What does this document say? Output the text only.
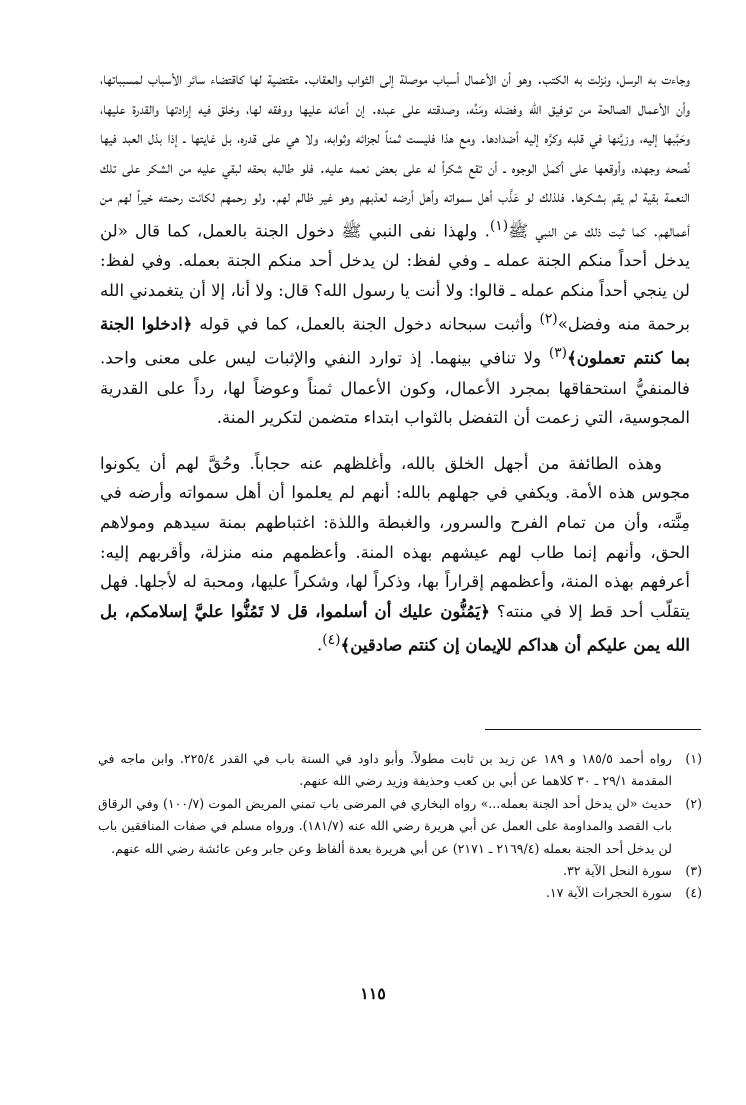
وجاءت به الرسل، ونزلت به الكتب. وهو أن الأعمال أسباب موصلة إلى الثواب والعقاب. مقتضية لها كاقتضاء سائر الأسباب لمسبباتها، وأن الأعمال الصالحة من توفيق الله وفضله ومَنِّه، وصدقته على عبده. إن أعانه عليها ووفقه لها، وخلق فيه إرادتها والقدرة عليها، وحَبَّبها إليه، وزيَّنها في قلبه وكرَّه إليه أضدادها. ومع هذا فليست ثمناً لجزائه وثوابه، ولا هي على قدره، بل غايتها ـ إذا بذل العبد فيها نُصحه وجهده، وأوقعها على أكمل الوجوه ـ أن تقع شكراً له على بعض نعمه عليه. فلو طالبه بحقه لبقي عليه من الشكر على تلك النعمة بقية لم يقم بشكرها. فلذلك لو عَذَّب أهل سمواته وأهل أرضه لعذبهم وهو غير ظالم لهم. ولو رحمهم لكانت رحمته خيراً لهم من أعمالهم. كما ثبت ذلك عن النبي ﷺ$^{(١)}$. ولهذا نفى النبي ﷺ دخول الجنة بالعمل، كما قال «لن يدخل أحداً منكم الجنة عمله ـ وفي لفظ: لن يدخل أحد منكم الجنة بعمله. وفي لفظ: لن ينجي أحداً منكم عمله ـ قالوا: ولا أنت يا رسول الله؟ قال: ولا أنا، إلا أن يتغمدني الله برحمة منه وفضل»$^{(٢)}$ وأثبت سبحانه دخول الجنة بالعمل، كما في قوله ﴿ادخلوا الجنة بما كنتم تعملون﴾$^{(٣)}$ ولا تنافي بينهما. إذ توارد النفي والإثبات ليس على معنى واحد. فالمنفيُّ استحقاقها بمجرد الأعمال، وكون الأعمال ثمناً وعوضاً لها، رداً على القدرية المجوسية، التي زعمت أن التفضل بالثواب ابتداء متضمن لتكرير المنة.

وهذه الطائفة من أجهل الخلق بالله، وأغلظهم عنه حجاباً. وحُقَّ لهم أن يكونوا مجوس هذه الأمة. ويكفي في جهلهم بالله: أنهم لم يعلموا أن أهل سمواته وأرضه في مِنَّته، وأن من تمام الفرح والسرور، والغبطة واللذة: اغتباطهم بمنة سيدهم ومولاهم الحق، وأنهم إنما طاب لهم عيشهم بهذه المنة. وأعظمهم منه منزلة، وأقربهم إليه: أعرفهم بهذه المنة، وأعظمهم إقراراً بها، وذكراً لها، وشكراً عليها، ومحبة له لأجلها. فهل يتقلّب أحد قط إلا في منته؟ ﴿يَمُنُّون عليك أن أسلموا، قل لا تَمُنُّوا عليَّ إسلامكم، بل الله يمن عليكم أن هداكم للإيمان إن كنتم صادقين﴾$^{(٤)}$.

(١)
رواه أحمد ١٨٥/٥ و ١٨٩ عن زيد بن ثابت مطولاً. وأبو داود في السنة باب في القدر ٢٢٥/٤. وابن ماجه في المقدمة ٢٩/١ ـ ٣٠ كلاهما عن أبي بن كعب وحذيفة وزيد رضي الله عنهم.
(٢)
حديث «لن يدخل أحد الجنة بعمله...» رواه البخاري في المرضى باب تمني المريض الموت (١٠٠/٧) وفي الرقاق باب القصد والمداومة على العمل عن أبي هريرة رضي الله عنه (١٨١/٧). ورواه مسلم في صفات المنافقين باب لن يدخل أحد الجنة بعمله (٢١٦٩/٤ ـ ٢١٧١) عن أبي هريرة بعدة ألفاظ وعن جابر وعن عائشة رضي الله عنهم.
(٣)
سورة النحل الآية ٣٢.
(٤)
سورة الحجرات الآية ١٧.
١١٥
